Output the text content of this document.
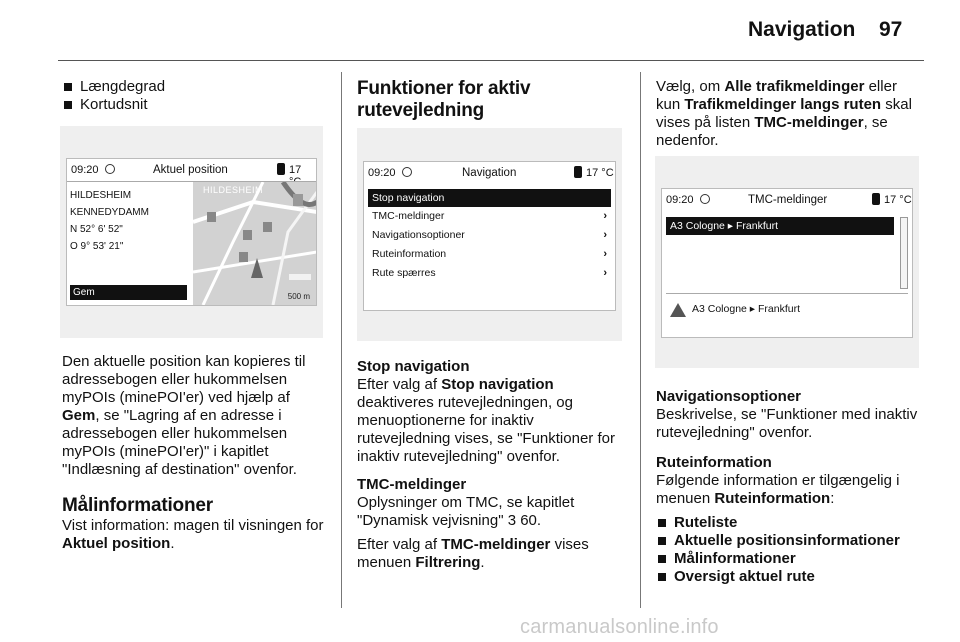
Navigation 97

Længdegrad

Kortudsnit

09:20	Aktuel position	17
HILDESHEIM
KENNEDYDAMM
N 52° 6' 52"
O 9° 53' 21"
Gem
HILDESHEIM
500 m

Den aktuelle position kan kopieres til adressebogen eller hukommelsen myPOIs (minePOI'er) ved hjælp af Gem, se "Lagring af en adresse i adressebogen eller hukommelsen myPOIs (minePOI'er)" i kapitlet "Indlæsning af destination" ovenfor.

Målinformationer

Vist information: magen til visningen for Aktuel position.

Funktioner for aktiv rutevejledning

09:20	Navigation	17 °C
Stop navigation
TMC-meldinger	›
Navigationsoptioner	›
Ruteinformation	›
Rute spærres	›

Stop navigation

Efter valg af Stop navigation deaktiveres rutevejledningen, og menuoptionerne for inaktiv rutevejledning vises, se "Funktioner for inaktiv rutevejledning" ovenfor.

TMC-meldinger

Oplysninger om TMC, se kapitlet "Dynamisk vejvisning" 3 60.

Efter valg af TMC-meldinger vises menuen Filtrering.

Vælg, om Alle trafikmeldinger eller kun Trafikmeldinger langs ruten skal vises på listen TMC-meldinger, se nedenfor.

09:20	TMC-meldinger	17 °C
A3 Cologne ▸ Frankfurt
A3 Cologne ▸ Frankfurt

Navigationsoptioner

Beskrivelse, se "Funktioner med inaktiv rutevejledning" ovenfor.

Ruteinformation

Følgende information er tilgængelig i menuen Ruteinformation:

Ruteliste

Aktuelle positionsinformationer

Målinformationer

Oversigt aktuel rute

carmanualsonline.info
